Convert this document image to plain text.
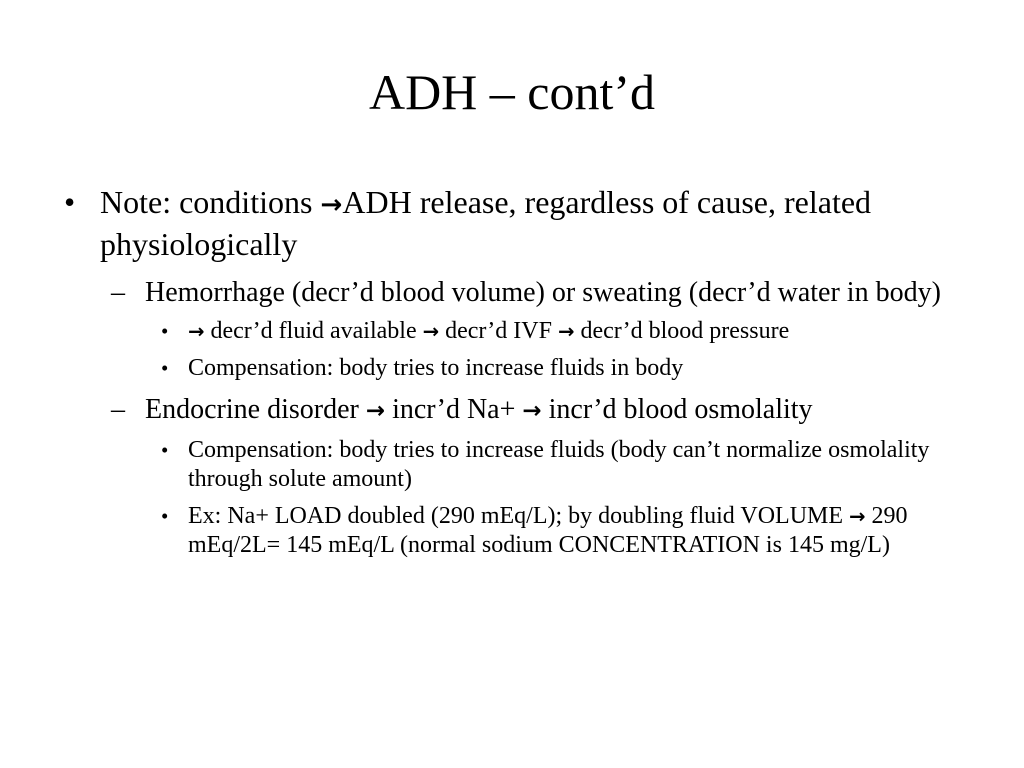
ADH – cont’d
• Note: conditions →ADH release, regardless of cause, related physiologically
– Hemorrhage (decr’d blood volume) or sweating (decr’d water in body)
• → decr’d fluid available → decr’d IVF → decr’d blood pressure
• Compensation: body tries to increase fluids in body
– Endocrine disorder → incr’d Na+ → incr’d blood osmolality
• Compensation: body tries to increase fluids (body can’t normalize osmolality through solute amount)
• Ex: Na+ LOAD doubled (290 mEq/L); by doubling fluid VOLUME → 290 mEq/2L= 145 mEq/L (normal sodium CONCENTRATION is 145 mg/L)
